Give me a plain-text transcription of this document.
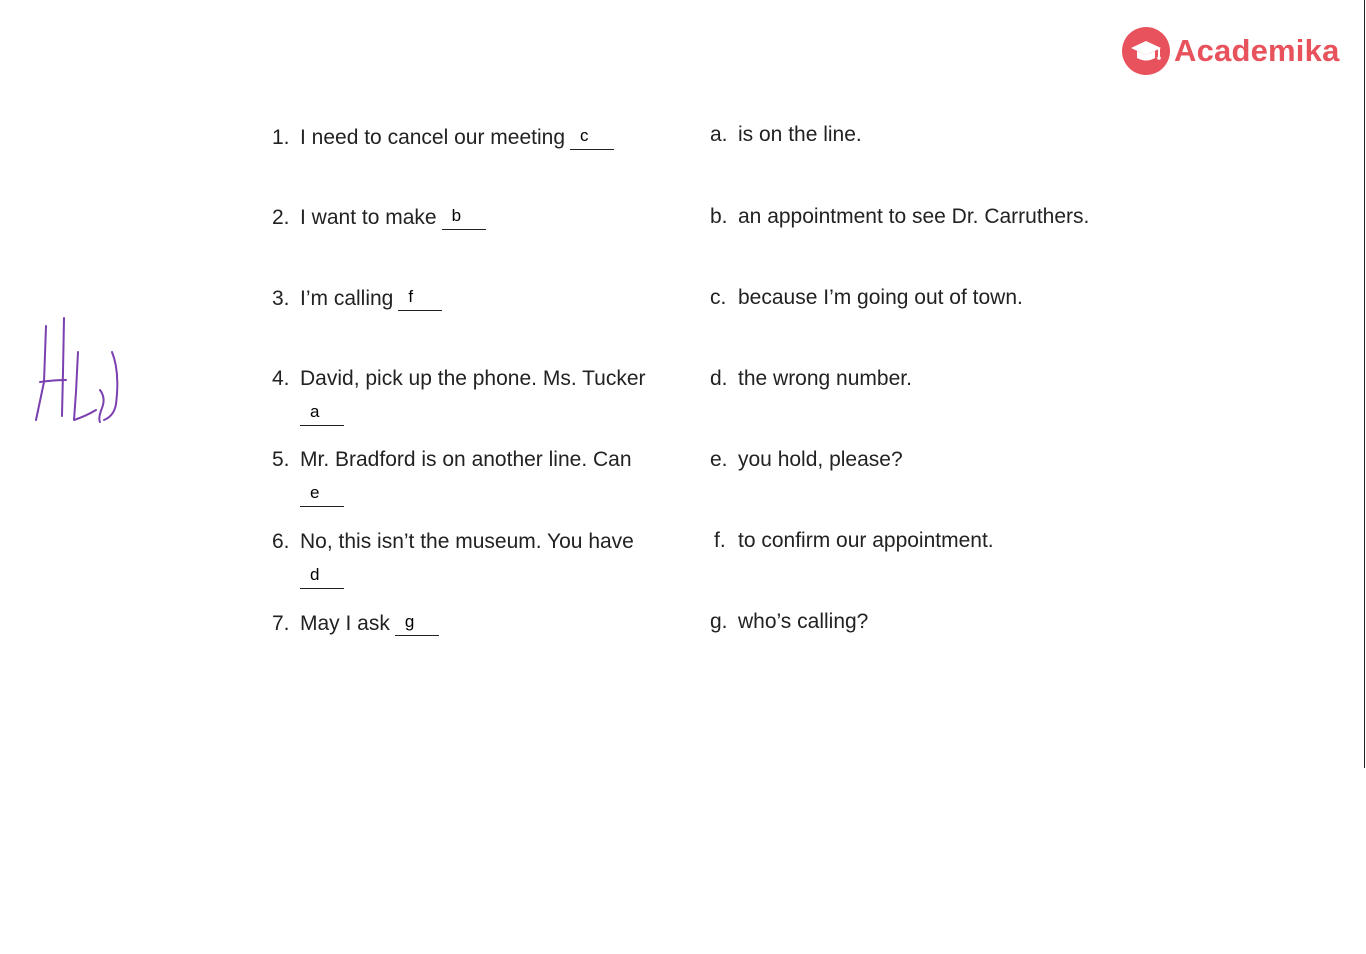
Academika
1. I need to cancel our meeting c
2. I want to make b
3. I’m calling f
4. David, pick up the phone. Ms. Tucker
a
5. Mr. Bradford is on another line. Can
e
6. No, this isn’t the museum. You have
d
7. May I ask g
a. is on the line.
b. an appointment to see Dr. Carruthers.
c. because I’m going out of town.
d. the wrong number.
e. you hold, please?
f. to confirm our appointment.
g. who’s calling?
